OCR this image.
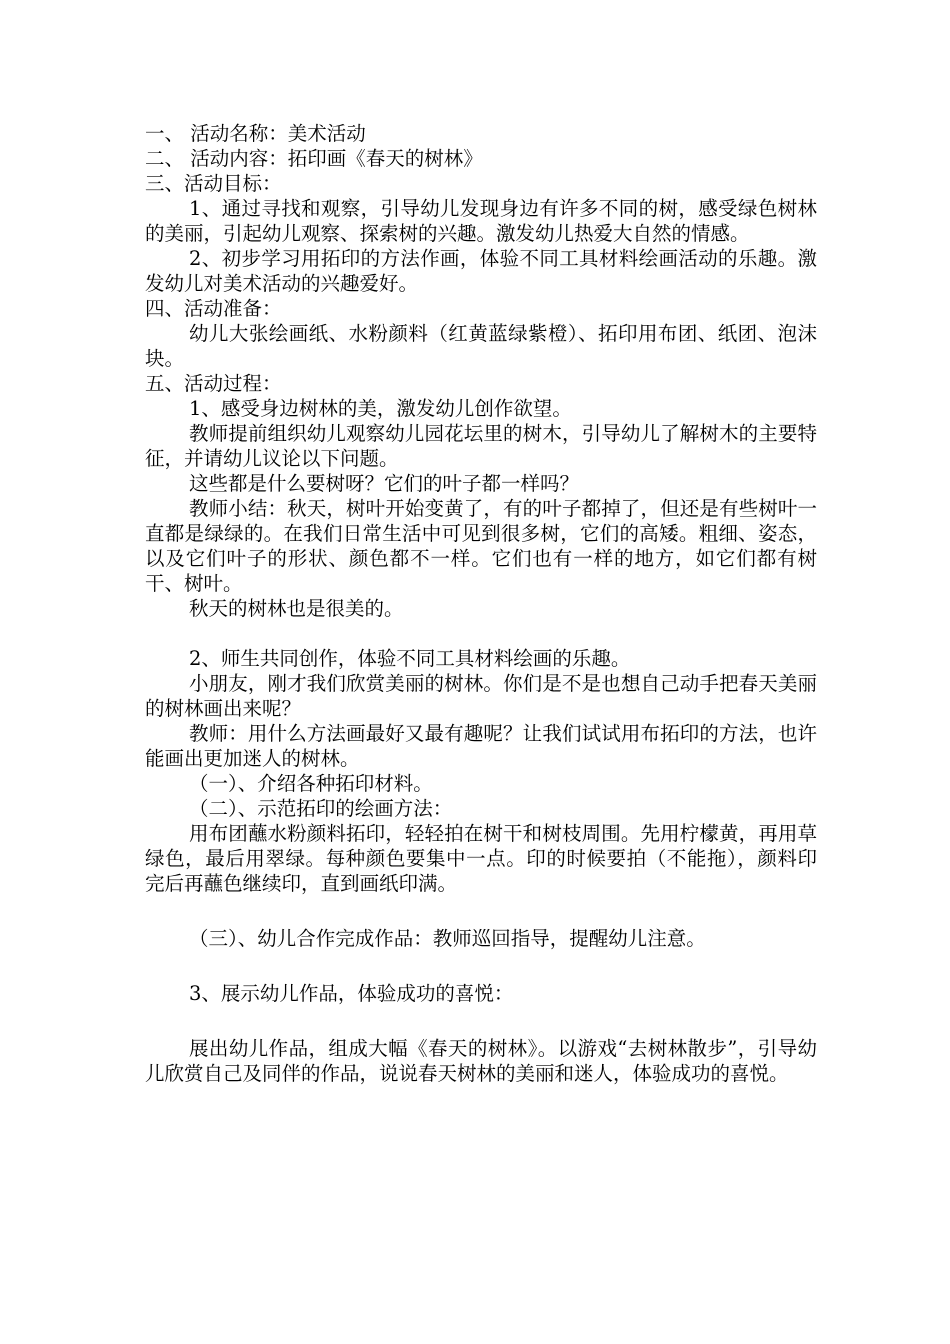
一、 活动名称：美术活动

二、 活动内容：拓印画《春天的树林》

三、活动目标：

1、通过寻找和观察，引导幼儿发现身边有许多不同的树，感受绿色树林的美丽，引起幼儿观察、探索树的兴趣。激发幼儿热爱大自然的情感。

2、初步学习用拓印的方法作画，体验不同工具材料绘画活动的乐趣。激发幼儿对美术活动的兴趣爱好。

四、活动准备：

幼儿大张绘画纸、水粉颜料（红黄蓝绿紫橙）、拓印用布团、纸团、泡沫块。

五、活动过程：

1、感受身边树林的美，激发幼儿创作欲望。

教师提前组织幼儿观察幼儿园花坛里的树木，引导幼儿了解树木的主要特征，并请幼儿议论以下问题。

这些都是什么要树呀？它们的叶子都一样吗？

教师小结：秋天，树叶开始变黄了，有的叶子都掉了，但还是有些树叶一直都是绿绿的。在我们日常生活中可见到很多树，它们的高矮。粗细、姿态，以及它们叶子的形状、颜色都不一样。它们也有一样的地方，如它们都有树干、树叶。

秋天的树林也是很美的。

2、师生共同创作，体验不同工具材料绘画的乐趣。

小朋友，刚才我们欣赏美丽的树林。你们是不是也想自己动手把春天美丽的树林画出来呢？

教师：用什么方法画最好又最有趣呢？让我们试试用布拓印的方法，也许能画出更加迷人的树林。

（一）、介绍各种拓印材料。

（二）、示范拓印的绘画方法：

用布团蘸水粉颜料拓印，轻轻拍在树干和树枝周围。先用柠檬黄，再用草绿色，最后用翠绿。每种颜色要集中一点。印的时候要拍（不能拖），颜料印完后再蘸色继续印，直到画纸印满。

（三）、幼儿合作完成作品：教师巡回指导，提醒幼儿注意。

3、展示幼儿作品，体验成功的喜悦：

展出幼儿作品，组成大幅《春天的树林》。以游戏“去树林散步”，引导幼儿欣赏自己及同伴的作品，说说春天树林的美丽和迷人，体验成功的喜悦。
